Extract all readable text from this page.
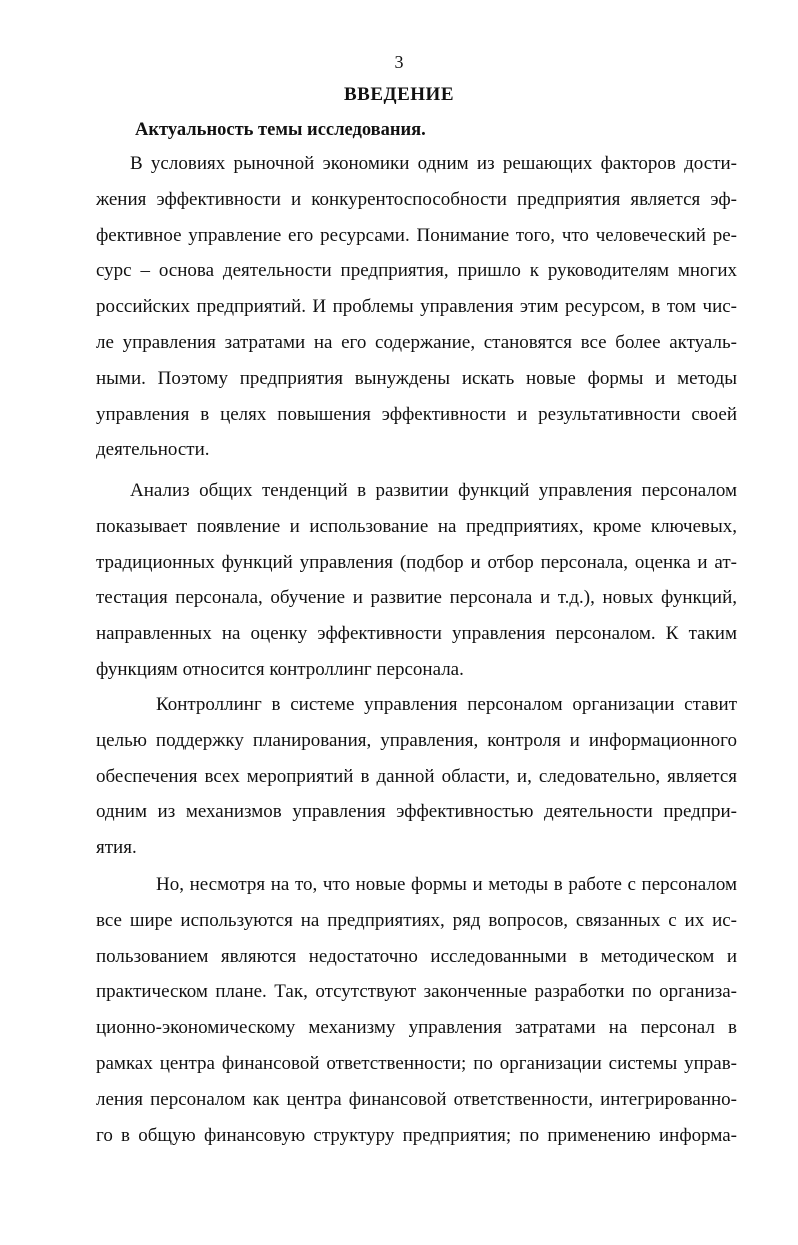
3
ВВЕДЕНИЕ
Актуальность темы исследования.
В условиях рыночной экономики одним из решающих факторов дости-
жения эффективности и конкурентоспособности предприятия является эф-
фективное управление его ресурсами. Понимание того, что человеческий ре-
сурс – основа деятельности предприятия, пришло к руководителям многих
российских предприятий. И проблемы управления этим ресурсом, в том чис-
ле управления затратами на его содержание, становятся все более актуаль-
ными. Поэтому предприятия вынуждены искать новые формы и методы
управления в целях повышения эффективности и результативности своей
деятельности.
Анализ общих тенденций в развитии функций управления персоналом
показывает появление и использование на предприятиях, кроме ключевых,
традиционных функций управления (подбор и отбор персонала, оценка и ат-
тестация персонала, обучение и развитие персонала и т.д.), новых функций,
направленных на оценку эффективности управления персоналом. К таким
функциям относится контроллинг персонала.
Контроллинг в системе управления персоналом организации ставит
целью поддержку планирования, управления, контроля и информационного
обеспечения всех мероприятий в данной области, и, следовательно, является
одним из механизмов управления эффективностью деятельности предпри-
ятия.
Но, несмотря на то, что новые формы и методы в работе с персоналом
все шире используются на предприятиях, ряд вопросов, связанных с их ис-
пользованием являются недостаточно исследованными в методическом и
практическом плане. Так, отсутствуют законченные разработки по организа-
ционно-экономическому механизму управления затратами на персонал в
рамках центра финансовой ответственности; по организации системы управ-
ления персоналом как центра финансовой ответственности, интегрированно-
го в общую финансовую структуру предприятия; по применению информа-
